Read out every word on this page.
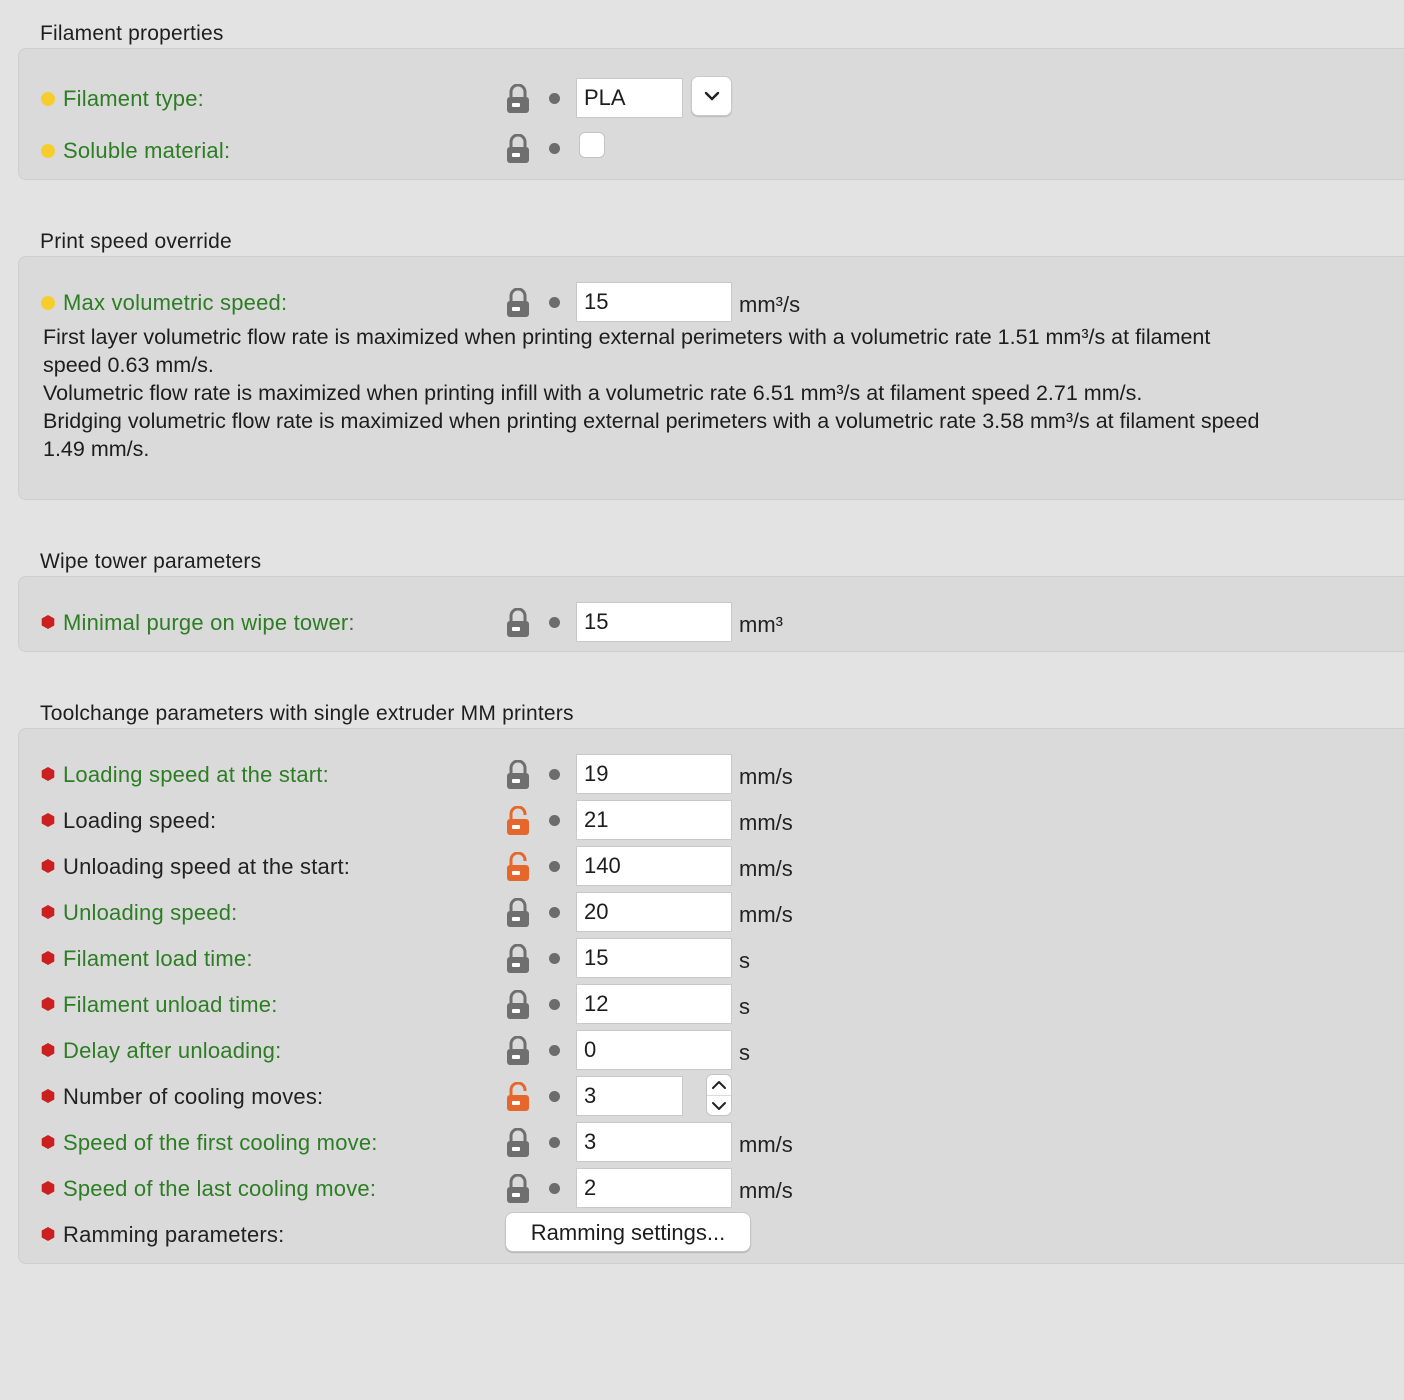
Filament properties
Filament type:	PLA
Soluble material:
Print speed override
Max volumetric speed:	15	mm³/s
First layer volumetric flow rate is maximized when printing external perimeters with a volumetric rate 1.51 mm³/s at filament speed 0.63 mm/s.
Volumetric flow rate is maximized when printing infill with a volumetric rate 6.51 mm³/s at filament speed 2.71 mm/s.
Bridging volumetric flow rate is maximized when printing external perimeters with a volumetric rate 3.58 mm³/s at filament speed 1.49 mm/s.
Wipe tower parameters
Minimal purge on wipe tower:	15	mm³
Toolchange parameters with single extruder MM printers
Loading speed at the start:	19	mm/s
Loading speed:	21	mm/s
Unloading speed at the start:	140	mm/s
Unloading speed:	20	mm/s
Filament load time:	15	s
Filament unload time:	12	s
Delay after unloading:	0	s
Number of cooling moves:	3
Speed of the first cooling move:	3	mm/s
Speed of the last cooling move:	2	mm/s
Ramming parameters:	Ramming settings...
